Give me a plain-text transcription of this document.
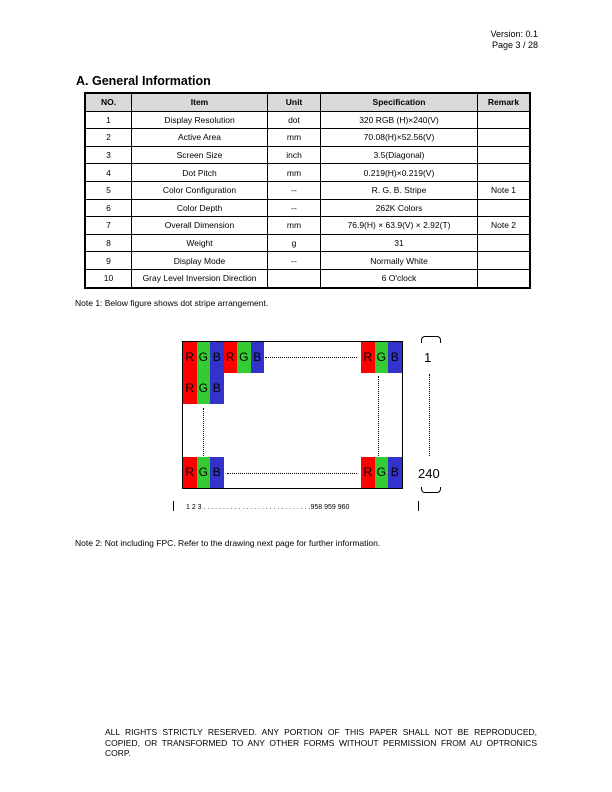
Version: 0.1
Page 3 / 28
A. General Information
NO.	Item	Unit	Specification	Remark
1	Display Resolution	dot	320 RGB (H)×240(V)	
2	Active Area	mm	70.08(H)×52.56(V)	
3	Screen Size	inch	3.5(Diagonal)	
4	Dot Pitch	mm	0.219(H)×0.219(V)	
5	Color Configuration	--	R. G. B. Stripe	Note 1
6	Color Depth	--	262K Colors	
7	Overall Dimension	mm	76.9(H) × 63.9(V) × 2.92(T)	Note 2
8	Weight	g	31	
9	Display Mode	--	Normally White	
10	Gray Level Inversion Direction		6 O'clock	
Note 1: Below figure shows dot stripe arrangement.
R G B R G B	R G B
R G B
R G B	R G B
1
240
1 2 3 . . . . . . . . . . . . . . . . . . . . . . . . . . . .958 959 960
Note 2: Not including FPC. Refer to the drawing next page for further information.
ALL RIGHTS STRICTLY RESERVED. ANY PORTION OF THIS PAPER SHALL NOT BE REPRODUCED, COPIED, OR TRANSFORMED TO ANY OTHER FORMS WITHOUT PERMISSION FROM AU OPTRONICS CORP.
